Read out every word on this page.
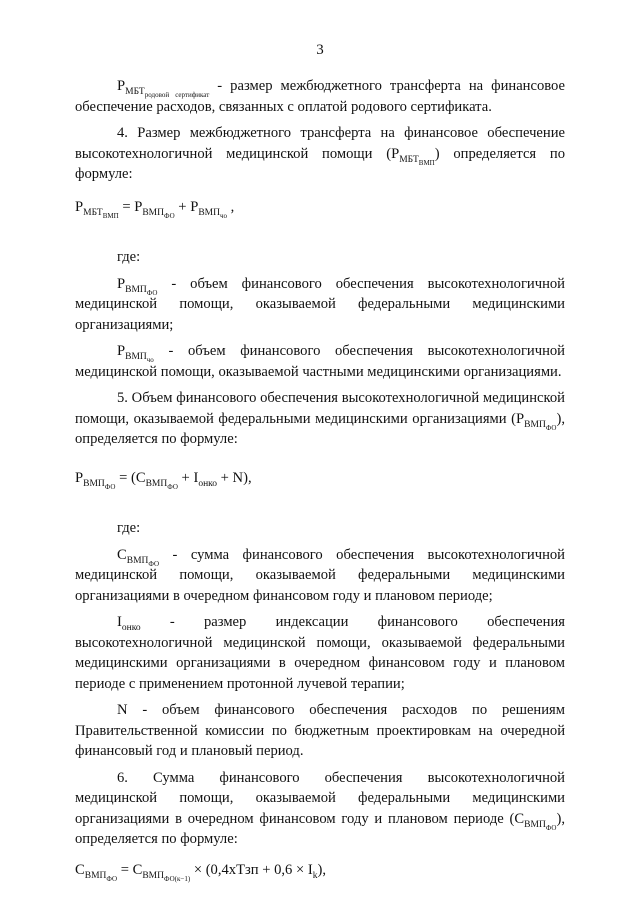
3

$Р_{МБТ_{родовой сертификат}}$ - размер межбюджетного трансферта на финансовое обеспечение расходов, связанных с оплатой родового сертификата.

4. Размер межбюджетного трансферта на финансовое обеспечение высокотехнологичной медицинской помощи $(Р_{МБТ_{ВМП}})$ определяется по формуле:

$Р_{МБТ_{ВМП}} = Р_{ВМП_{ФО}} + Р_{ВМП_{чо}}$ ,

где:

$Р_{ВМП_{ФО}}$ - объем финансового обеспечения высокотехнологичной медицинской помощи, оказываемой федеральными медицинскими организациями;

$Р_{ВМП_{чо}}$ - объем финансового обеспечения высокотехнологичной медицинской помощи, оказываемой частными медицинскими организациями.

5. Объем финансового обеспечения высокотехнологичной медицинской помощи, оказываемой федеральными медицинскими организациями $(Р_{ВМП_{ФО}})$, определяется по формуле:

$Р_{ВМП_{ФО}} = (С_{ВМП_{ФО}} + I_{онко} + N)$,

где:

$С_{ВМП_{ФО}}$ - сумма финансового обеспечения высокотехнологичной медицинской помощи, оказываемой федеральными медицинскими организациями в очередном финансовом году и плановом периоде;

$I_{онко}$ - размер индексации финансового обеспечения высокотехнологичной медицинской помощи, оказываемой федеральными медицинскими организациями в очередном финансовом году и плановом периоде с применением протонной лучевой терапии;

N - объем финансового обеспечения расходов по решениям Правительственной комиссии по бюджетным проектировкам на очередной финансовый год и плановый период.

6. Сумма финансового обеспечения высокотехнологичной медицинской помощи, оказываемой федеральными медицинскими организациями в очередном финансовом году и плановом периоде $(С_{ВМП_{ФО}})$, определяется по формуле:

$С_{ВМП_{ФО}} = С_{ВМП_{ФО(к-1)}}$ × (0,4хТзп + $0,6 \times I_k$),
